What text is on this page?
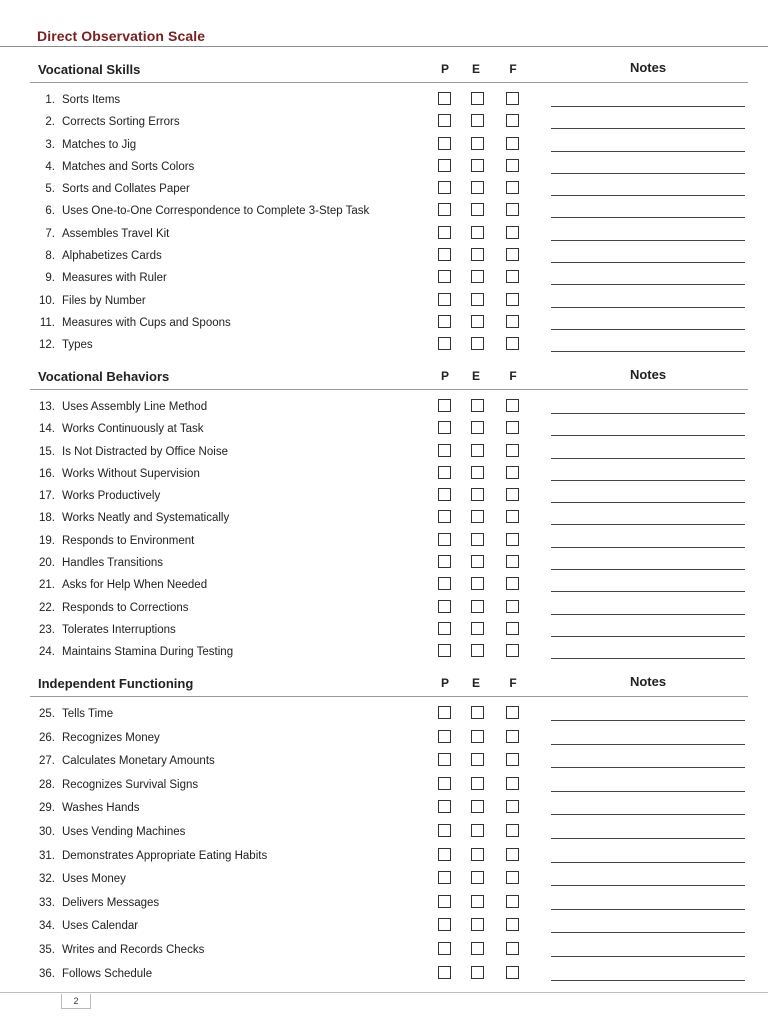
Direct Observation Scale
Vocational Skills	P	E	F	Notes
1. Sorts Items
2. Corrects Sorting Errors
3. Matches to Jig
4. Matches and Sorts Colors
5. Sorts and Collates Paper
6. Uses One-to-One Correspondence to Complete 3-Step Task
7. Assembles Travel Kit
8. Alphabetizes Cards
9. Measures with Ruler
10. Files by Number
11. Measures with Cups and Spoons
12. Types
Vocational Behaviors	P	E	F	Notes
13. Uses Assembly Line Method
14. Works Continuously at Task
15. Is Not Distracted by Office Noise
16. Works Without Supervision
17. Works Productively
18. Works Neatly and Systematically
19. Responds to Environment
20. Handles Transitions
21. Asks for Help When Needed
22. Responds to Corrections
23. Tolerates Interruptions
24. Maintains Stamina During Testing
Independent Functioning	P	E	F	Notes
25. Tells Time
26. Recognizes Money
27. Calculates Monetary Amounts
28. Recognizes Survival Signs
29. Washes Hands
30. Uses Vending Machines
31. Demonstrates Appropriate Eating Habits
32. Uses Money
33. Delivers Messages
34. Uses Calendar
35. Writes and Records Checks
36. Follows Schedule
2
